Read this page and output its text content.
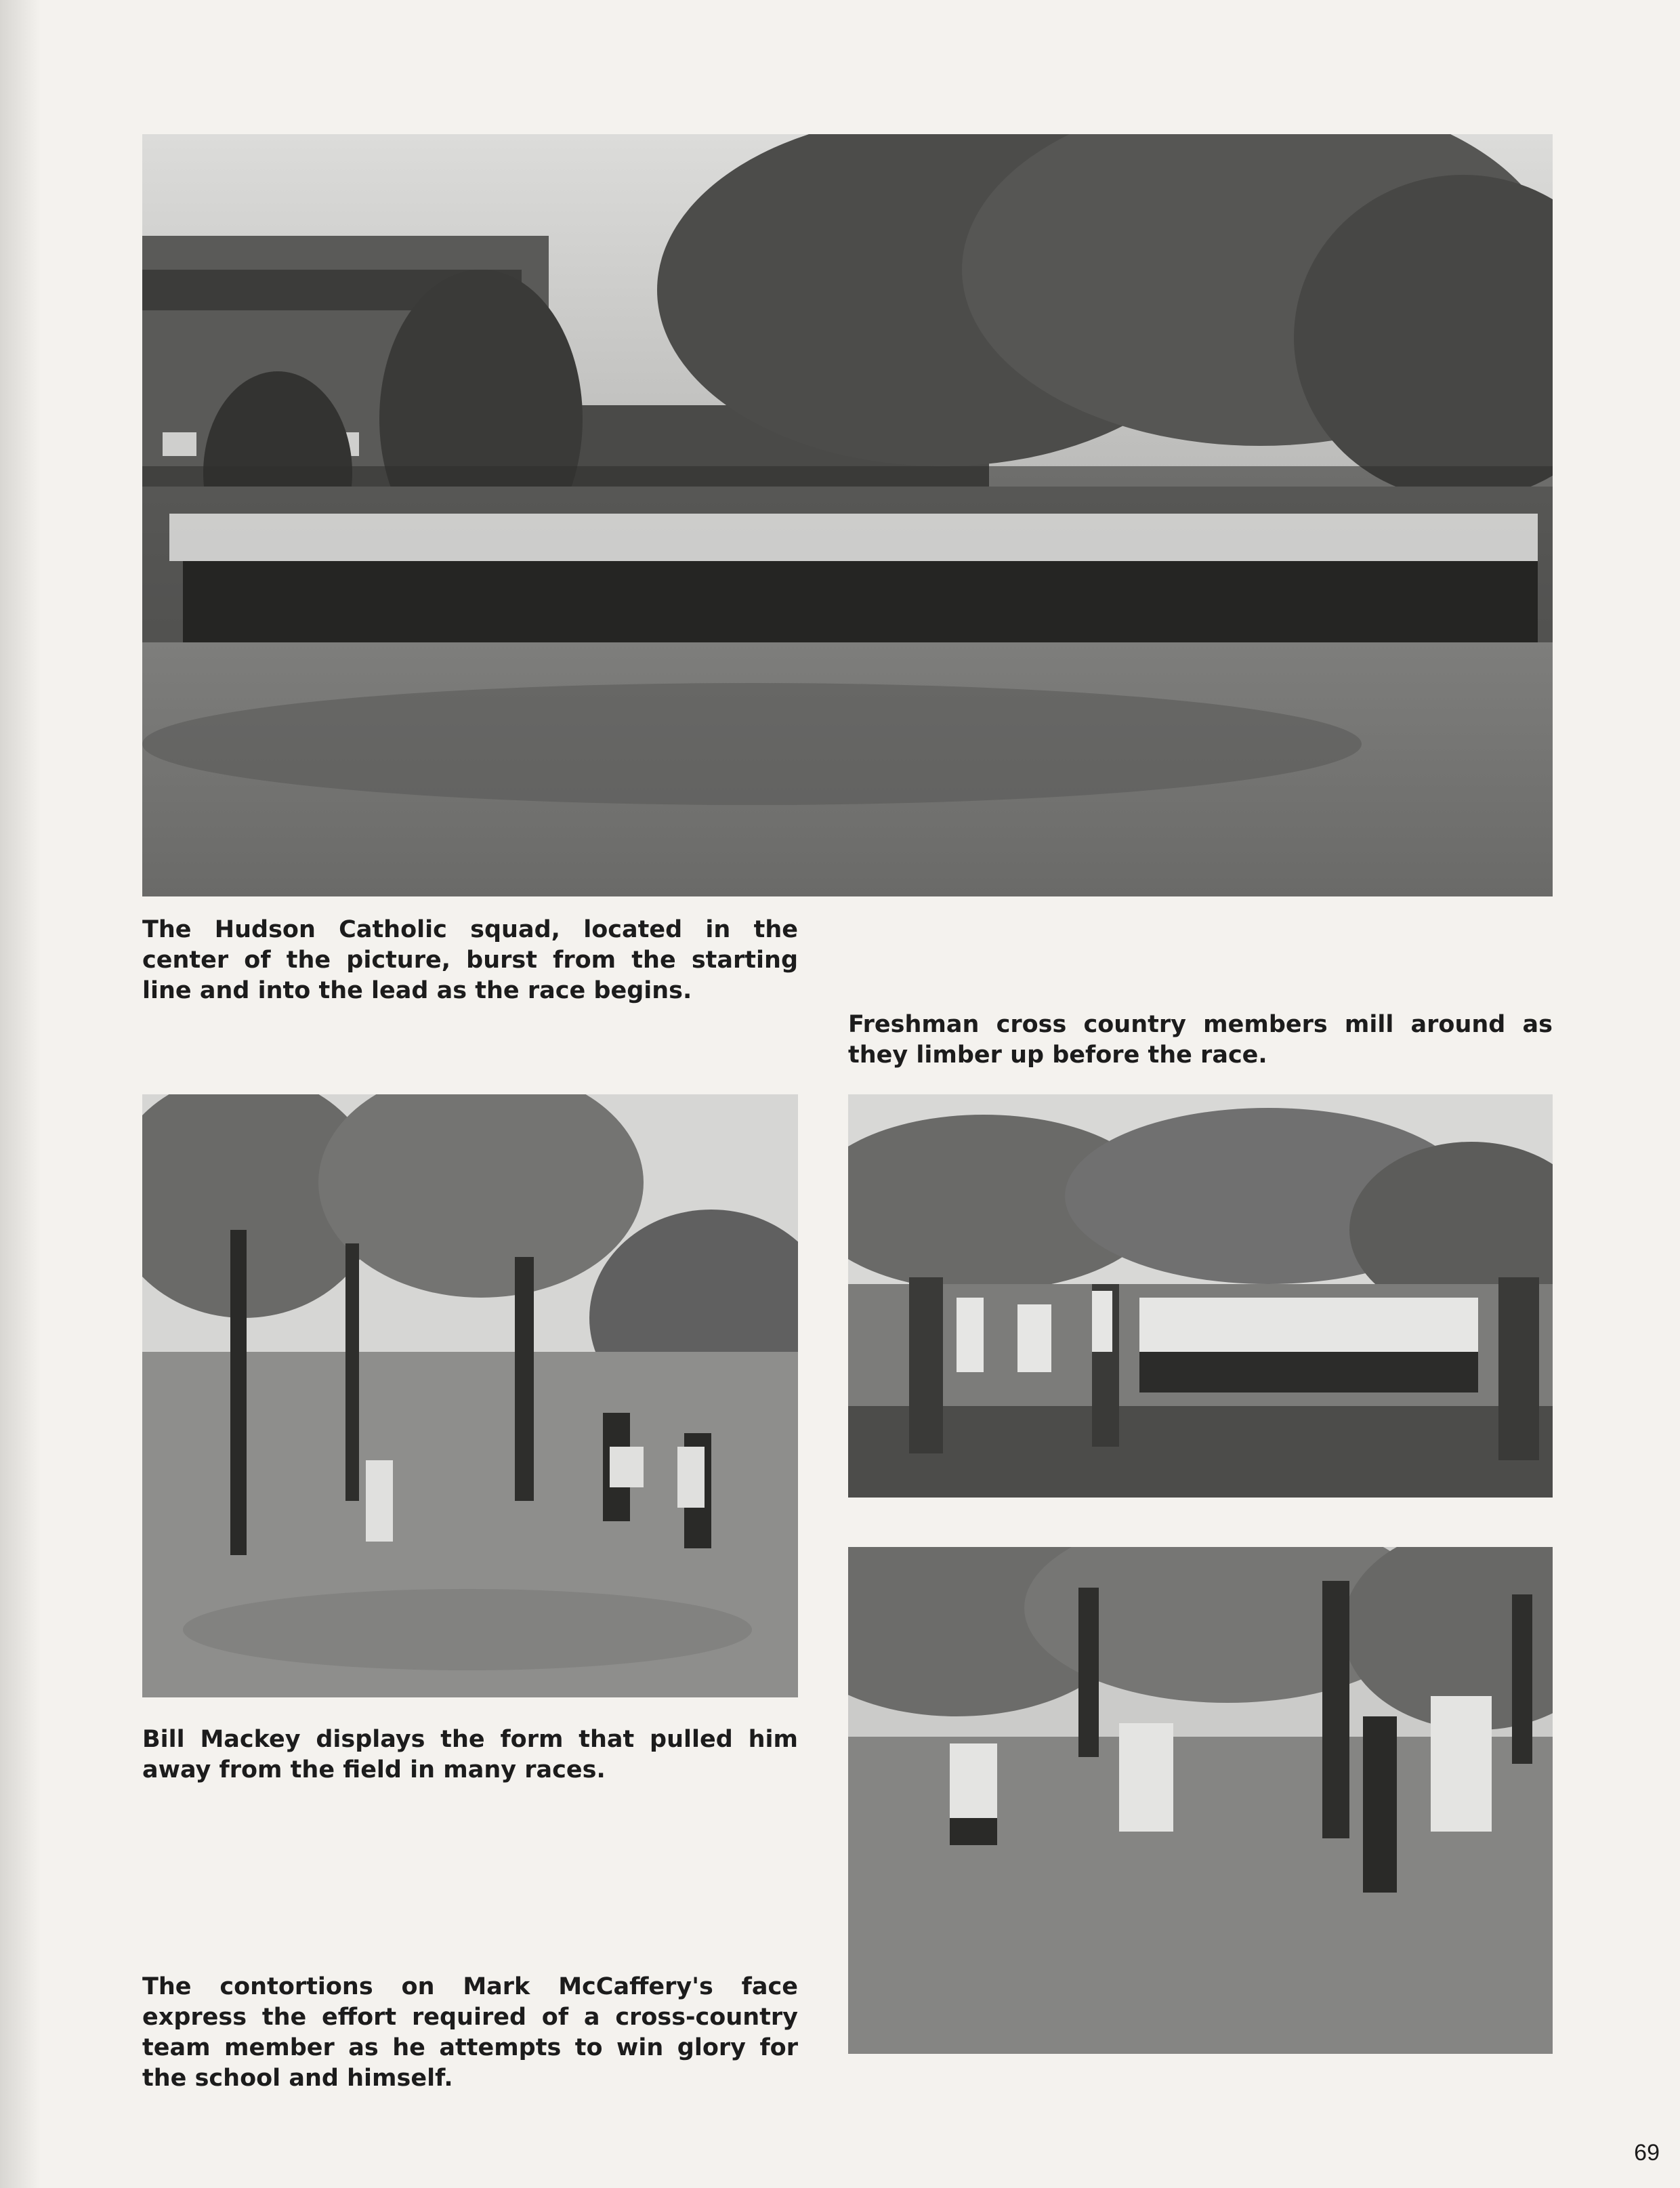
The Hudson Catholic squad, located in the center of the picture, burst from the starting line and into the lead as the race begins.

Freshman cross country members mill around as they limber up before the race.

Bill Mackey displays the form that pulled him away from the field in many races.

The contortions on Mark McCaffery's face express the effort required of a cross-country team member as he attempts to win glory for the school and himself.

69
